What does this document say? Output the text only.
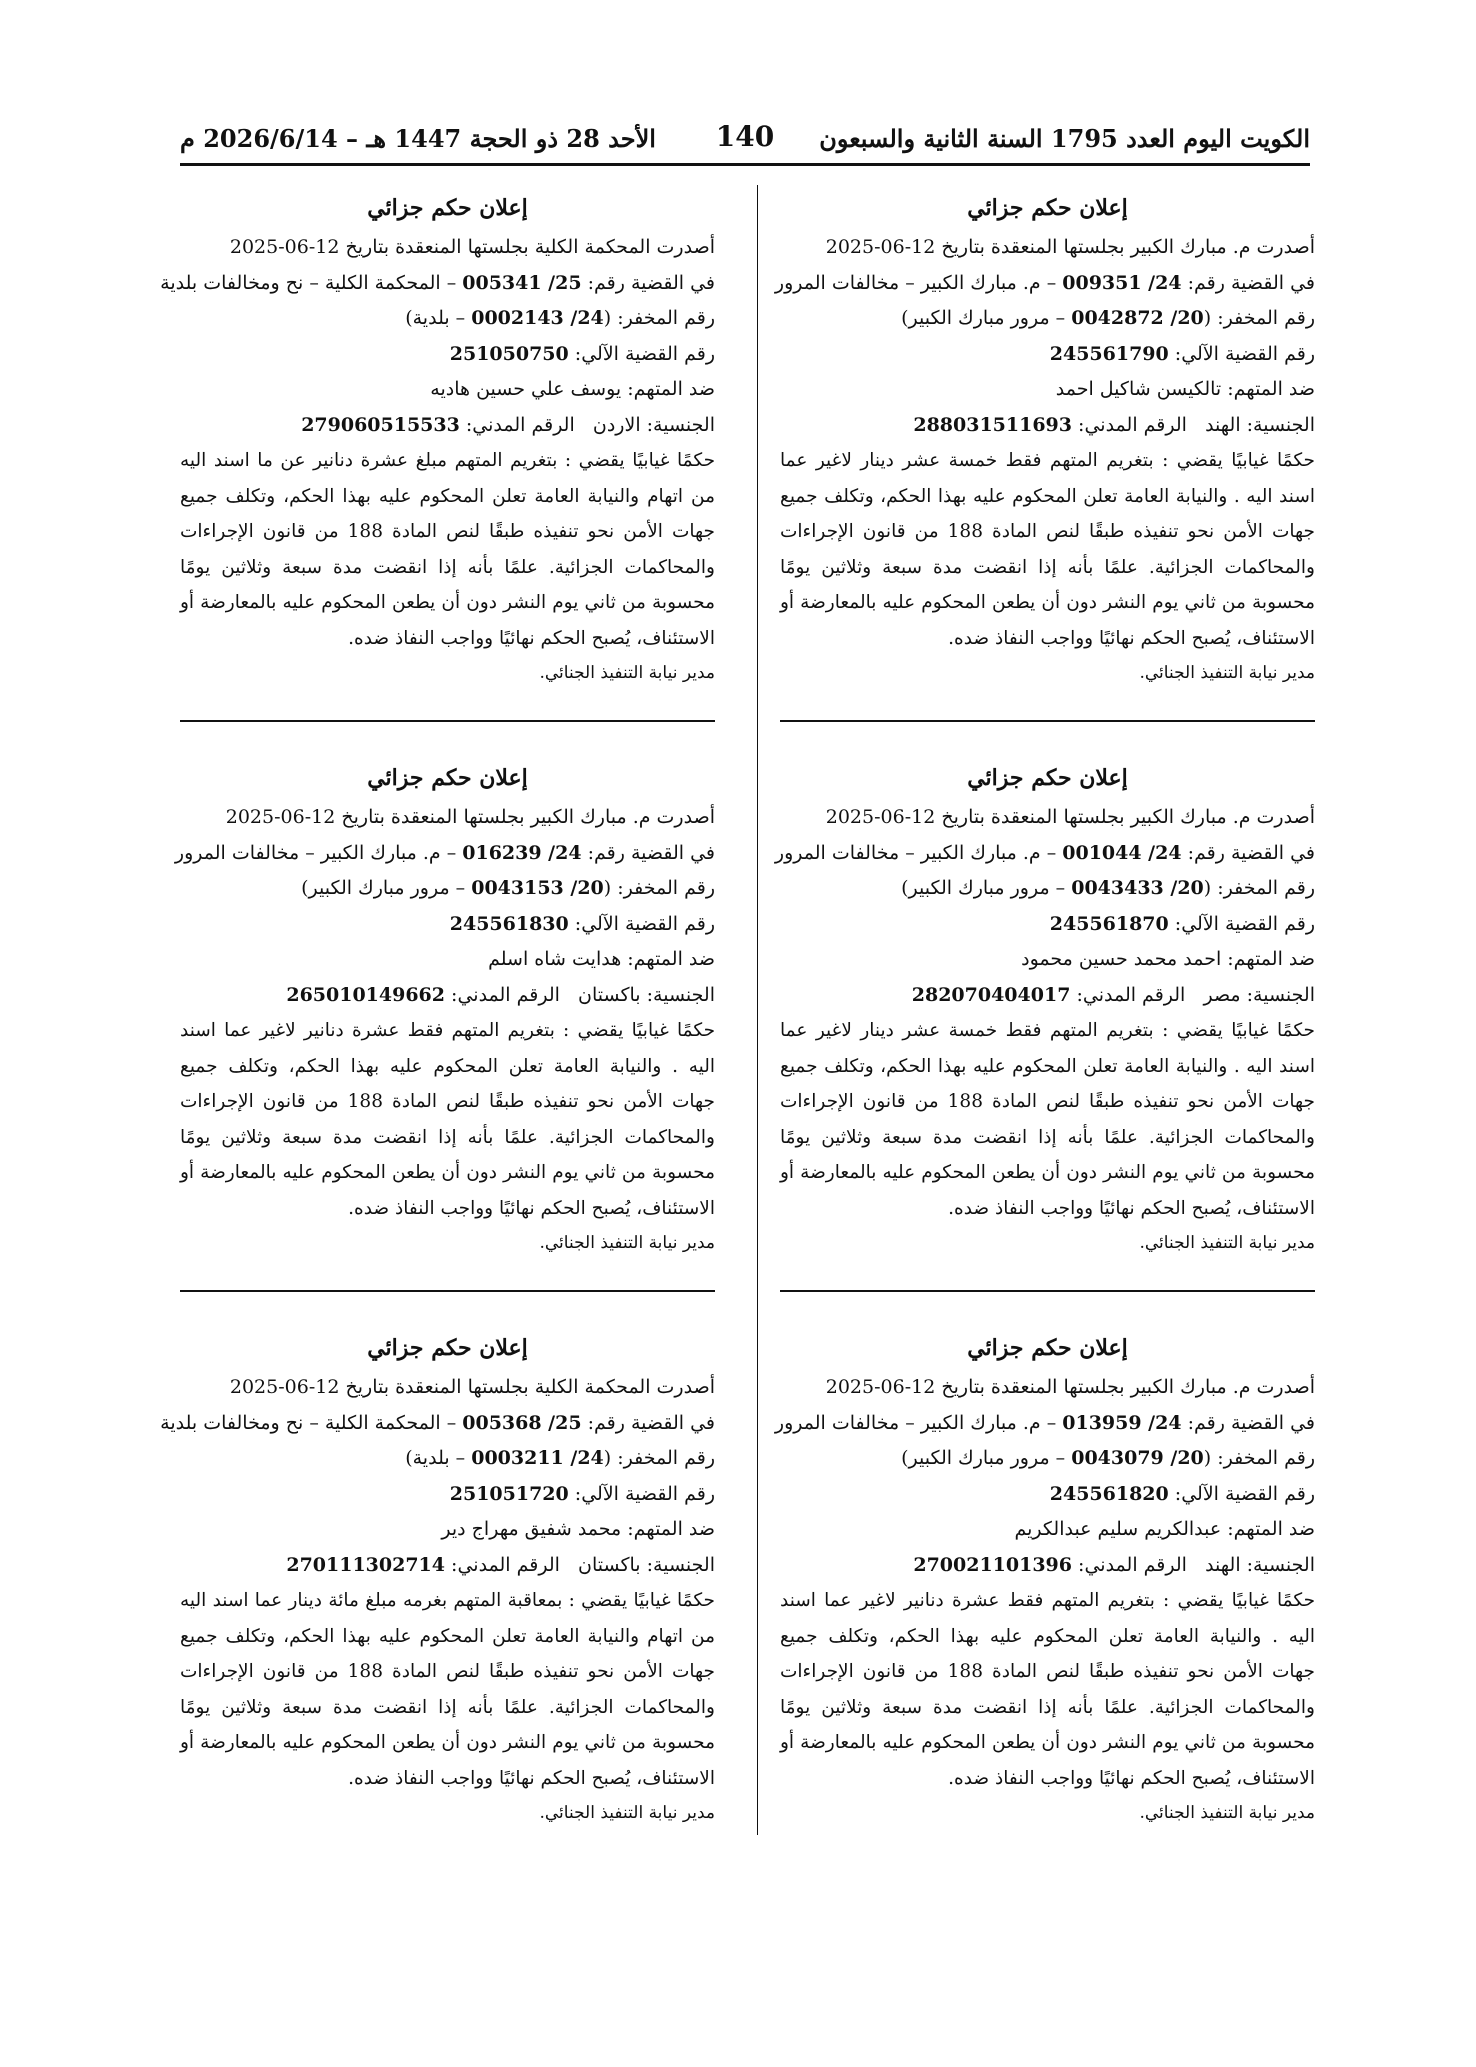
الكويت اليوم العدد 1795 السنة الثانية والسبعون
140
الأحد 28 ذو الحجة 1447 هـ – 2026/6/14 م
إعلان حكم جزائي
أصدرت م. مبارك الكبير بجلستها المنعقدة بتاريخ 12-06-2025
في القضية رقم: 009351 /24 – م. مبارك الكبير – مخالفات المرور
رقم المخفر: (0042872 /20 – مرور مبارك الكبير)
رقم القضية الآلي: 245561790
ضد المتهم: تالكيسن شاكيل احمد
الجنسية: الهند   الرقم المدني: 288031511693
حكمًا غيابيًا يقضي : بتغريم المتهم فقط خمسة عشر دينار لاغير عما اسند اليه . والنيابة العامة تعلن المحكوم عليه بهذا الحكم، وتكلف جميع جهات الأمن نحو تنفيذه طبقًا لنص المادة 188 من قانون الإجراءات والمحاكمات الجزائية. علمًا بأنه إذا انقضت مدة سبعة وثلاثين يومًا محسوبة من ثاني يوم النشر دون أن يطعن المحكوم عليه بالمعارضة أو الاستئناف، يُصبح الحكم نهائيًا وواجب النفاذ ضده.
مدير نيابة التنفيذ الجنائي.
إعلان حكم جزائي
أصدرت م. مبارك الكبير بجلستها المنعقدة بتاريخ 12-06-2025
في القضية رقم: 001044 /24 – م. مبارك الكبير – مخالفات المرور
رقم المخفر: (0043433 /20 – مرور مبارك الكبير)
رقم القضية الآلي: 245561870
ضد المتهم: احمد محمد حسين محمود
الجنسية: مصر   الرقم المدني: 282070404017
حكمًا غيابيًا يقضي : بتغريم المتهم فقط خمسة عشر دينار لاغير عما اسند اليه . والنيابة العامة تعلن المحكوم عليه بهذا الحكم، وتكلف جميع جهات الأمن نحو تنفيذه طبقًا لنص المادة 188 من قانون الإجراءات والمحاكمات الجزائية. علمًا بأنه إذا انقضت مدة سبعة وثلاثين يومًا محسوبة من ثاني يوم النشر دون أن يطعن المحكوم عليه بالمعارضة أو الاستئناف، يُصبح الحكم نهائيًا وواجب النفاذ ضده.
مدير نيابة التنفيذ الجنائي.
إعلان حكم جزائي
أصدرت م. مبارك الكبير بجلستها المنعقدة بتاريخ 12-06-2025
في القضية رقم: 013959 /24 – م. مبارك الكبير – مخالفات المرور
رقم المخفر: (0043079 /20 – مرور مبارك الكبير)
رقم القضية الآلي: 245561820
ضد المتهم: عبدالكريم سليم عبدالكريم
الجنسية: الهند   الرقم المدني: 270021101396
حكمًا غيابيًا يقضي : بتغريم المتهم فقط عشرة دنانير لاغير عما اسند اليه . والنيابة العامة تعلن المحكوم عليه بهذا الحكم، وتكلف جميع جهات الأمن نحو تنفيذه طبقًا لنص المادة 188 من قانون الإجراءات والمحاكمات الجزائية. علمًا بأنه إذا انقضت مدة سبعة وثلاثين يومًا محسوبة من ثاني يوم النشر دون أن يطعن المحكوم عليه بالمعارضة أو الاستئناف، يُصبح الحكم نهائيًا وواجب النفاذ ضده.
مدير نيابة التنفيذ الجنائي.
إعلان حكم جزائي
أصدرت المحكمة الكلية بجلستها المنعقدة بتاريخ 12-06-2025
في القضية رقم: 005341 /25 – المحكمة الكلية – نح ومخالفات بلدية
رقم المخفر: (0002143 /24 – بلدية)
رقم القضية الآلي: 251050750
ضد المتهم: يوسف علي حسين هاديه
الجنسية: الاردن   الرقم المدني: 279060515533
حكمًا غيابيًا يقضي : بتغريم المتهم مبلغ عشرة دنانير عن ما اسند اليه من اتهام والنيابة العامة تعلن المحكوم عليه بهذا الحكم، وتكلف جميع جهات الأمن نحو تنفيذه طبقًا لنص المادة 188 من قانون الإجراءات والمحاكمات الجزائية. علمًا بأنه إذا انقضت مدة سبعة وثلاثين يومًا محسوبة من ثاني يوم النشر دون أن يطعن المحكوم عليه بالمعارضة أو الاستئناف، يُصبح الحكم نهائيًا وواجب النفاذ ضده.
مدير نيابة التنفيذ الجنائي.
إعلان حكم جزائي
أصدرت م. مبارك الكبير بجلستها المنعقدة بتاريخ 12-06-2025
في القضية رقم: 016239 /24 – م. مبارك الكبير – مخالفات المرور
رقم المخفر: (0043153 /20 – مرور مبارك الكبير)
رقم القضية الآلي: 245561830
ضد المتهم: هدايت شاه اسلم
الجنسية: باكستان   الرقم المدني: 265010149662
حكمًا غيابيًا يقضي : بتغريم المتهم فقط عشرة دنانير لاغير عما اسند اليه . والنيابة العامة تعلن المحكوم عليه بهذا الحكم، وتكلف جميع جهات الأمن نحو تنفيذه طبقًا لنص المادة 188 من قانون الإجراءات والمحاكمات الجزائية. علمًا بأنه إذا انقضت مدة سبعة وثلاثين يومًا محسوبة من ثاني يوم النشر دون أن يطعن المحكوم عليه بالمعارضة أو الاستئناف، يُصبح الحكم نهائيًا وواجب النفاذ ضده.
مدير نيابة التنفيذ الجنائي.
إعلان حكم جزائي
أصدرت المحكمة الكلية بجلستها المنعقدة بتاريخ 12-06-2025
في القضية رقم: 005368 /25 – المحكمة الكلية – نح ومخالفات بلدية
رقم المخفر: (0003211 /24 – بلدية)
رقم القضية الآلي: 251051720
ضد المتهم: محمد شفيق مهراج دير
الجنسية: باكستان   الرقم المدني: 270111302714
حكمًا غيابيًا يقضي : بمعاقبة المتهم بغرمه مبلغ مائة دينار عما اسند اليه من اتهام والنيابة العامة تعلن المحكوم عليه بهذا الحكم، وتكلف جميع جهات الأمن نحو تنفيذه طبقًا لنص المادة 188 من قانون الإجراءات والمحاكمات الجزائية. علمًا بأنه إذا انقضت مدة سبعة وثلاثين يومًا محسوبة من ثاني يوم النشر دون أن يطعن المحكوم عليه بالمعارضة أو الاستئناف، يُصبح الحكم نهائيًا وواجب النفاذ ضده.
مدير نيابة التنفيذ الجنائي.
